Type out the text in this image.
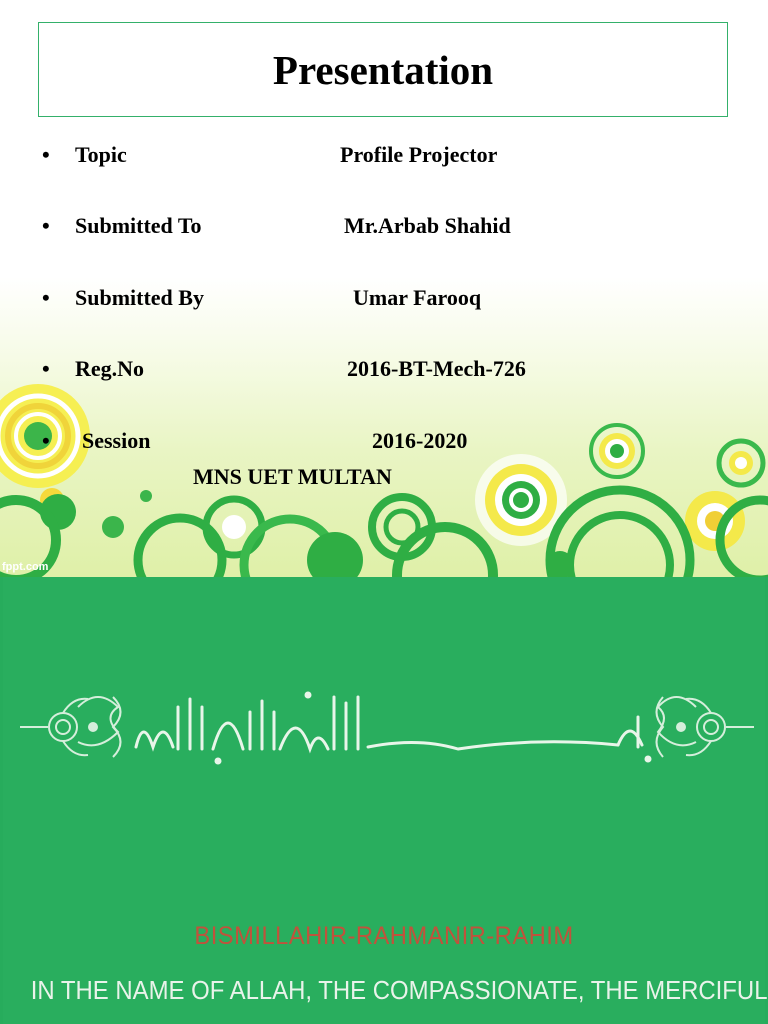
Presentation
• Topic	Profile Projector
• Submitted To	Mr.Arbab Shahid
• Submitted By	Umar Farooq
• Reg.No	2016-BT-Mech-726
• Session	2016-2020
MNS UET MULTAN
fppt.com
BISMILLAHIR-RAHMANIR-RAHIM
IN THE NAME OF ALLAH, THE COMPASSIONATE, THE MERCIFUL
